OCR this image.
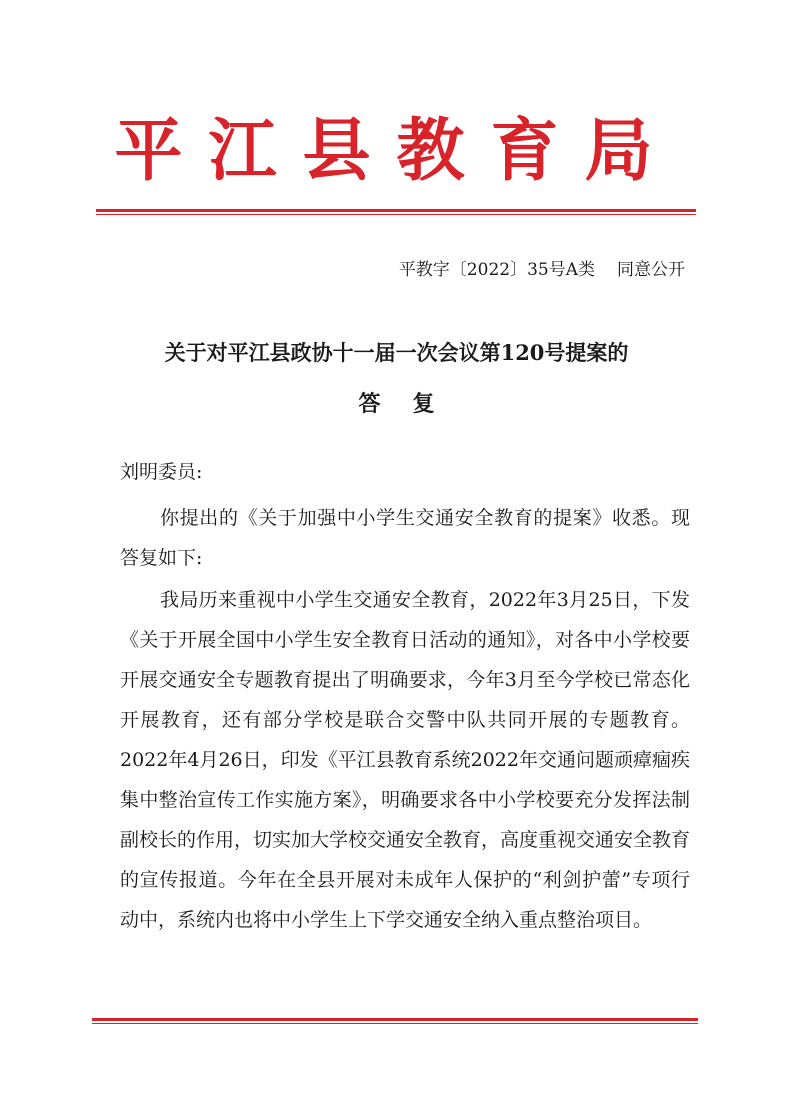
平江县教育局
平教字〔2022〕35号A类 同意公开
关于对平江县政协十一届一次会议第120号提案的
答复

刘明委员:

你提出的《关于加强中小学生交通安全教育的提案》收悉。现答复如下:

我局历来重视中小学生交通安全教育，2022年3月25日，下发《关于开展全国中小学生安全教育日活动的通知》，对各中小学校要开展交通安全专题教育提出了明确要求，今年3月至今学校已常态化开展教育，还有部分学校是联合交警中队共同开展的专题教育。2022年4月26日，印发《平江县教育系统2022年交通问题顽瘴痼疾集中整治宣传工作实施方案》，明确要求各中小学校要充分发挥法制副校长的作用，切实加大学校交通安全教育，高度重视交通安全教育的宣传报道。今年在全县开展对未成年人保护的“利剑护蕾”专项行动中，系统内也将中小学生上下学交通安全纳入重点整治项目。
